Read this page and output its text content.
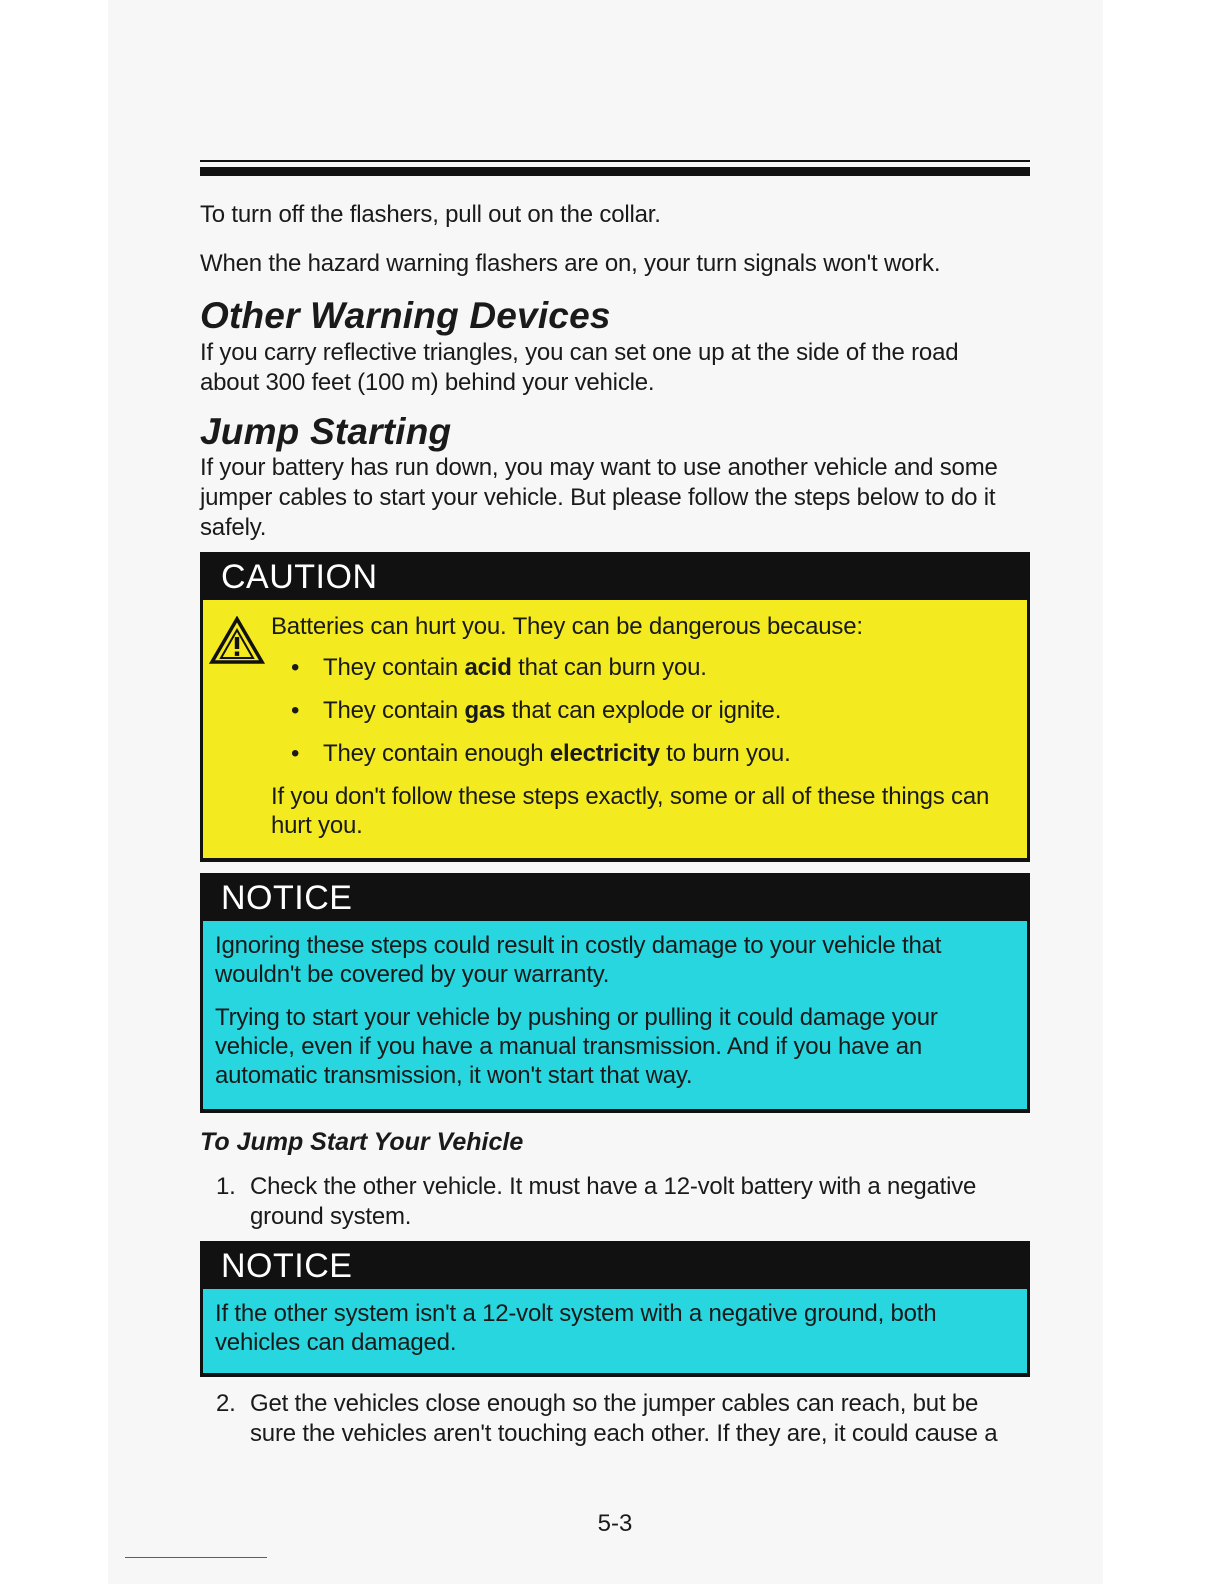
To turn off the flashers, pull out on the collar.

When the hazard warning flashers are on, your turn signals won't work.

Other Warning Devices

If you carry reflective triangles, you can set one up at the side of the road about 300 feet (100 m) behind your vehicle.

Jump Starting

If your battery has run down, you may want to use another vehicle and some jumper cables to start your vehicle. But please follow the steps below to do it safely.

CAUTION

Batteries can hurt you. They can be dangerous because:

• They contain acid that can burn you.
• They contain gas that can explode or ignite.
• They contain enough electricity to burn you.

If you don't follow these steps exactly, some or all of these things can hurt you.

NOTICE

Ignoring these steps could result in costly damage to your vehicle that wouldn't be covered by your warranty.

Trying to start your vehicle by pushing or pulling it could damage your vehicle, even if you have a manual transmission. And if you have an automatic transmission, it won't start that way.

To Jump Start Your Vehicle
1. Check the other vehicle. It must have a 12-volt battery with a negative ground system.
NOTICE

If the other system isn't a 12-volt system with a negative ground, both vehicles can damaged.

2. Get the vehicles close enough so the jumper cables can reach, but be sure the vehicles aren't touching each other. If they are, it could cause a
5-3
